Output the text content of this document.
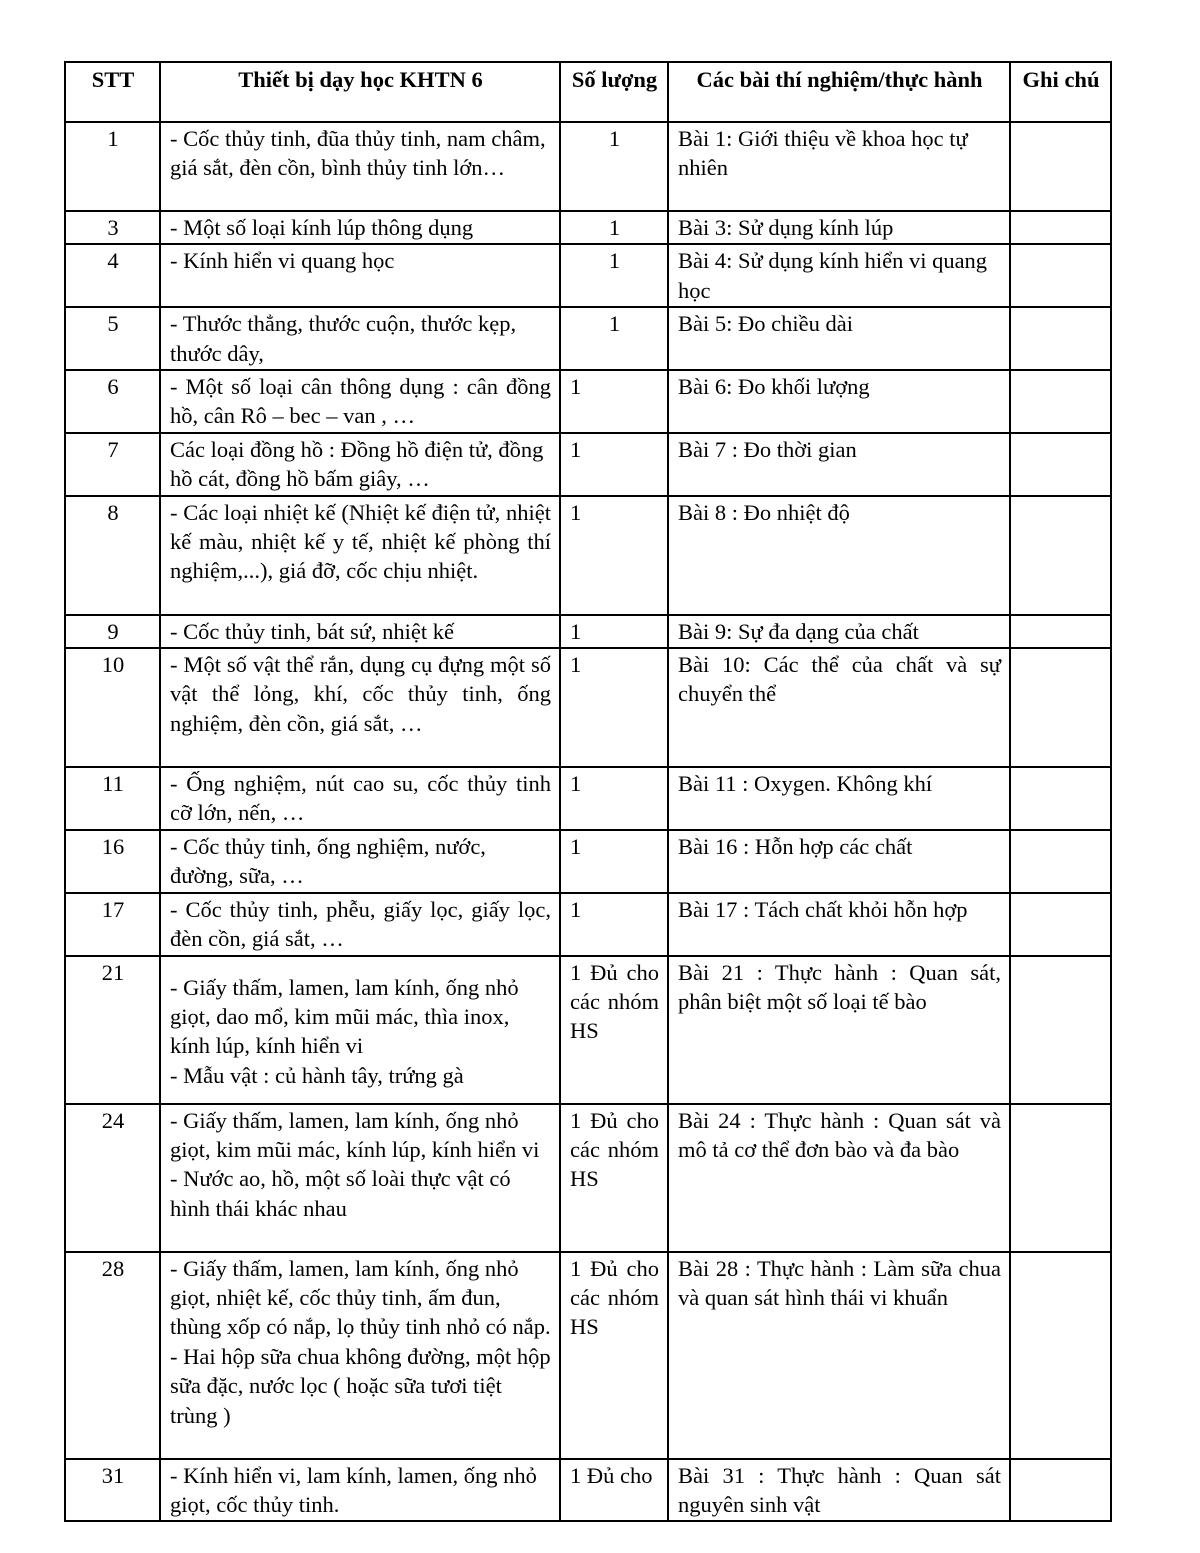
STT	Thiết bị dạy học KHTN 6	Số lượng	Các bài thí nghiệm/thực hành	Ghi chú
1	- Cốc thủy tinh, đũa thủy tinh, nam châm, giá sắt, đèn cồn, bình thủy tinh lớn…	1	Bài 1: Giới thiệu về khoa học tự nhiên	
3	- Một số loại kính lúp thông dụng	1	Bài 3: Sử dụng kính lúp	
4	- Kính hiển vi quang học	1	Bài 4: Sử dụng kính hiển vi quang học	
5	- Thước thẳng, thước cuộn, thước kẹp, thước dây,	1	Bài 5: Đo chiều dài	
6	- Một số loại cân thông dụng : cân đồng hồ, cân Rô – bec – van , …	1	Bài 6: Đo khối lượng	
7	Các loại đồng hồ : Đồng hồ điện tử, đồng hồ cát, đồng hồ bấm giây, …	1	Bài 7 : Đo thời gian	
8	- Các loại nhiệt kế (Nhiệt kế điện tử, nhiệt kế màu, nhiệt kế y tế, nhiệt kế phòng thí nghiệm,...), giá đỡ, cốc chịu nhiệt.	1	Bài 8 : Đo nhiệt độ	
9	- Cốc thủy tinh, bát sứ, nhiệt kế	1	Bài 9: Sự đa dạng của chất	
10	- Một số vật thể rắn, dụng cụ đựng một số vật thể lỏng, khí, cốc thủy tinh, ống nghiệm, đèn cồn, giá sắt, …	1	Bài 10: Các thể của chất và sự chuyển thể	
11	- Ống nghiệm, nút cao su, cốc thủy tinh cỡ lớn, nến, …	1	Bài 11 : Oxygen. Không khí	
16	- Cốc thủy tinh, ống nghiệm, nước, đường, sữa, …	1	Bài 16 : Hỗn hợp các chất	
17	- Cốc thủy tinh, phễu, giấy lọc, giấy lọc, đèn cồn, giá sắt, …	1	Bài 17 : Tách chất khỏi hỗn hợp	
21	- Giấy thấm, lamen, lam kính, ống nhỏ giọt, dao mổ, kim mũi mác, thìa inox, kính lúp, kính hiển vi
- Mẫu vật : củ hành tây, trứng gà	1 Đủ cho các nhóm HS	Bài 21 : Thực hành : Quan sát, phân biệt một số loại tế bào	
24	- Giấy thấm, lamen, lam kính, ống nhỏ giọt, kim mũi mác, kính lúp, kính hiển vi
- Nước ao, hồ, một số loài thực vật có hình thái khác nhau	1 Đủ cho các nhóm HS	Bài 24 : Thực hành : Quan sát và mô tả cơ thể đơn bào và đa bào	
28	- Giấy thấm, lamen, lam kính, ống nhỏ giọt, nhiệt kế, cốc thủy tinh, ấm đun, thùng xốp có nắp, lọ thủy tinh nhỏ có nắp.
- Hai hộp sữa chua không đường, một hộp sữa đặc, nước lọc ( hoặc sữa tươi tiệt trùng )	1 Đủ cho các nhóm HS	Bài 28 : Thực hành : Làm sữa chua và quan sát hình thái vi khuẩn	
31	- Kính hiển vi, lam kính, lamen, ống nhỏ giọt, cốc thủy tinh.	1 Đủ cho	Bài 31 : Thực hành : Quan sát nguyên sinh vật	
